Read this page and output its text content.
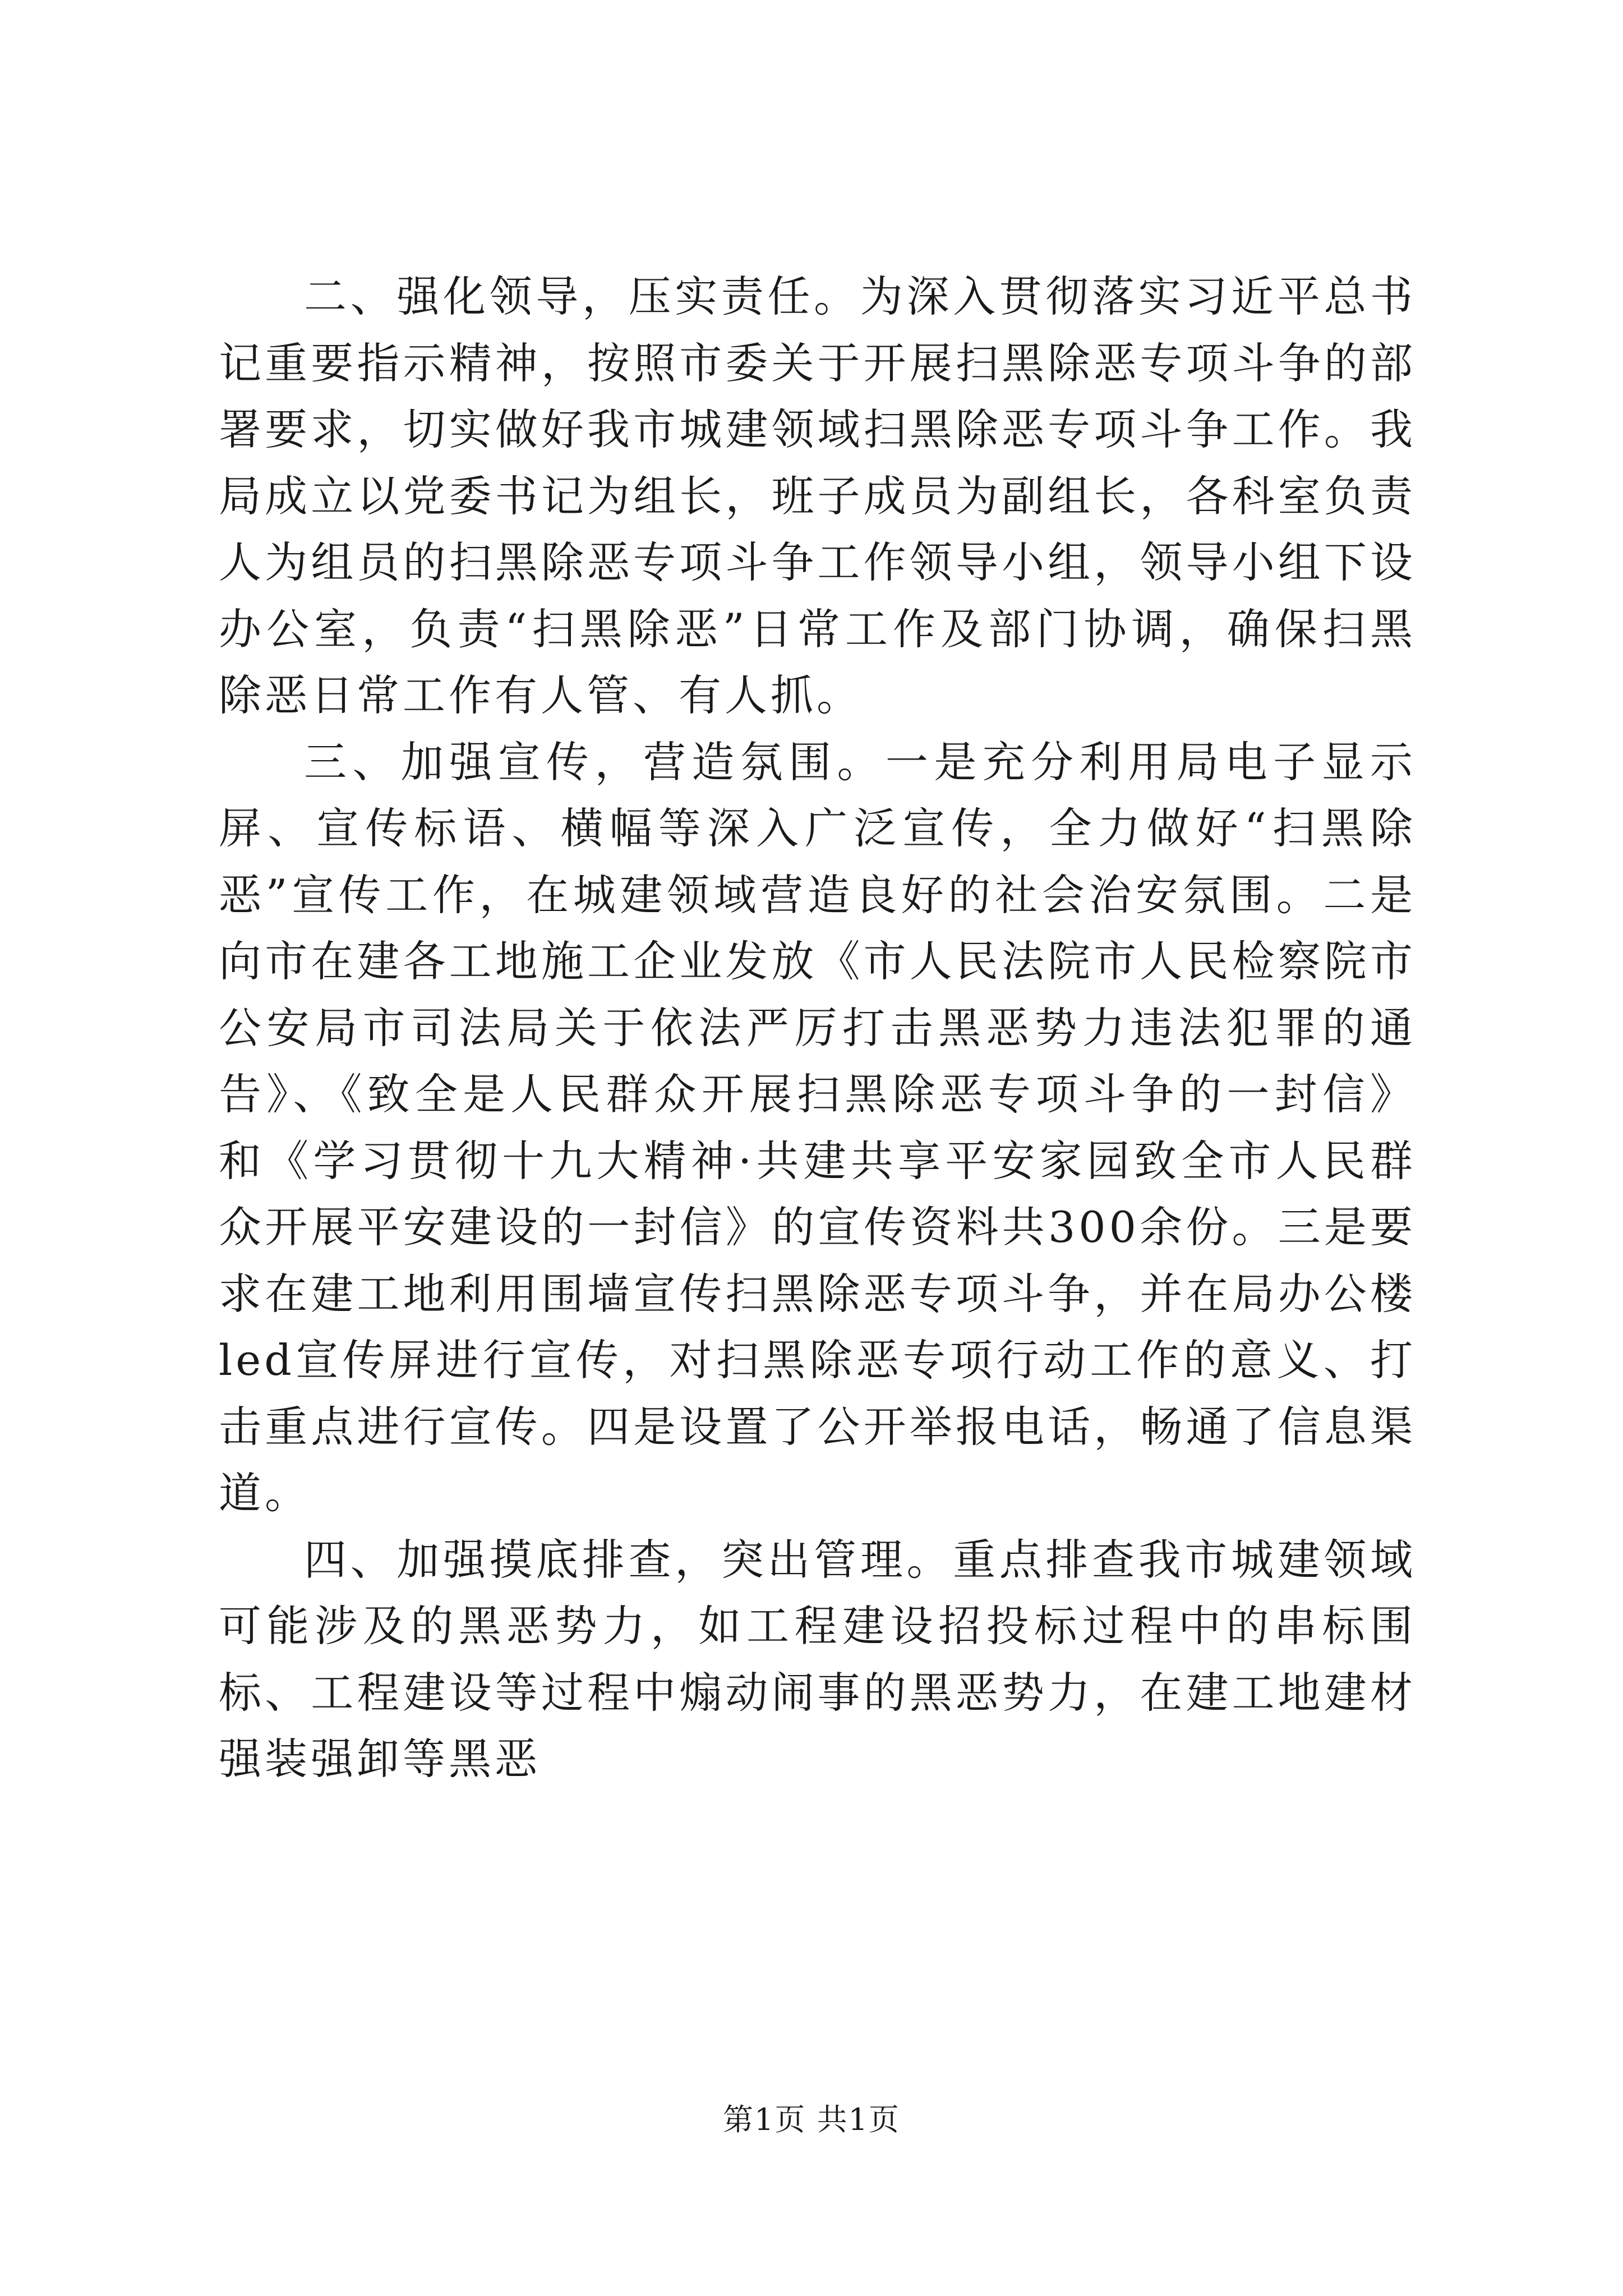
二、强化领导，压实责任。为深入贯彻落实习近平总书记重要指示精神，按照市委关于开展扫黑除恶专项斗争的部署要求，切实做好我市城建领域扫黑除恶专项斗争工作。我局成立以党委书记为组长，班子成员为副组长，各科室负责人为组员的扫黑除恶专项斗争工作领导小组，领导小组下设办公室，负责“扫黑除恶”日常工作及部门协调，确保扫黑除恶日常工作有人管、有人抓。

三、加强宣传，营造氛围。一是充分利用局电子显示屏、宣传标语、横幅等深入广泛宣传，全力做好“扫黑除恶”宣传工作，在城建领域营造良好的社会治安氛围。二是向市在建各工地施工企业发放《市人民法院市人民检察院市公安局市司法局关于依法严厉打击黑恶势力违法犯罪的通告》、《致全是人民群众开展扫黑除恶专项斗争的一封信》和《学习贯彻十九大精神·共建共享平安家园致全市人民群众开展平安建设的一封信》的宣传资料共300余份。三是要求在建工地利用围墙宣传扫黑除恶专项斗争，并在局办公楼led宣传屏进行宣传，对扫黑除恶专项行动工作的意义、打击重点进行宣传。四是设置了公开举报电话，畅通了信息渠道。

四、加强摸底排查，突出管理。重点排查我市城建领域可能涉及的黑恶势力，如工程建设招投标过程中的串标围标、工程建设等过程中煽动闹事的黑恶势力，在建工地建材强装强卸等黑恶

第1页 共1页
